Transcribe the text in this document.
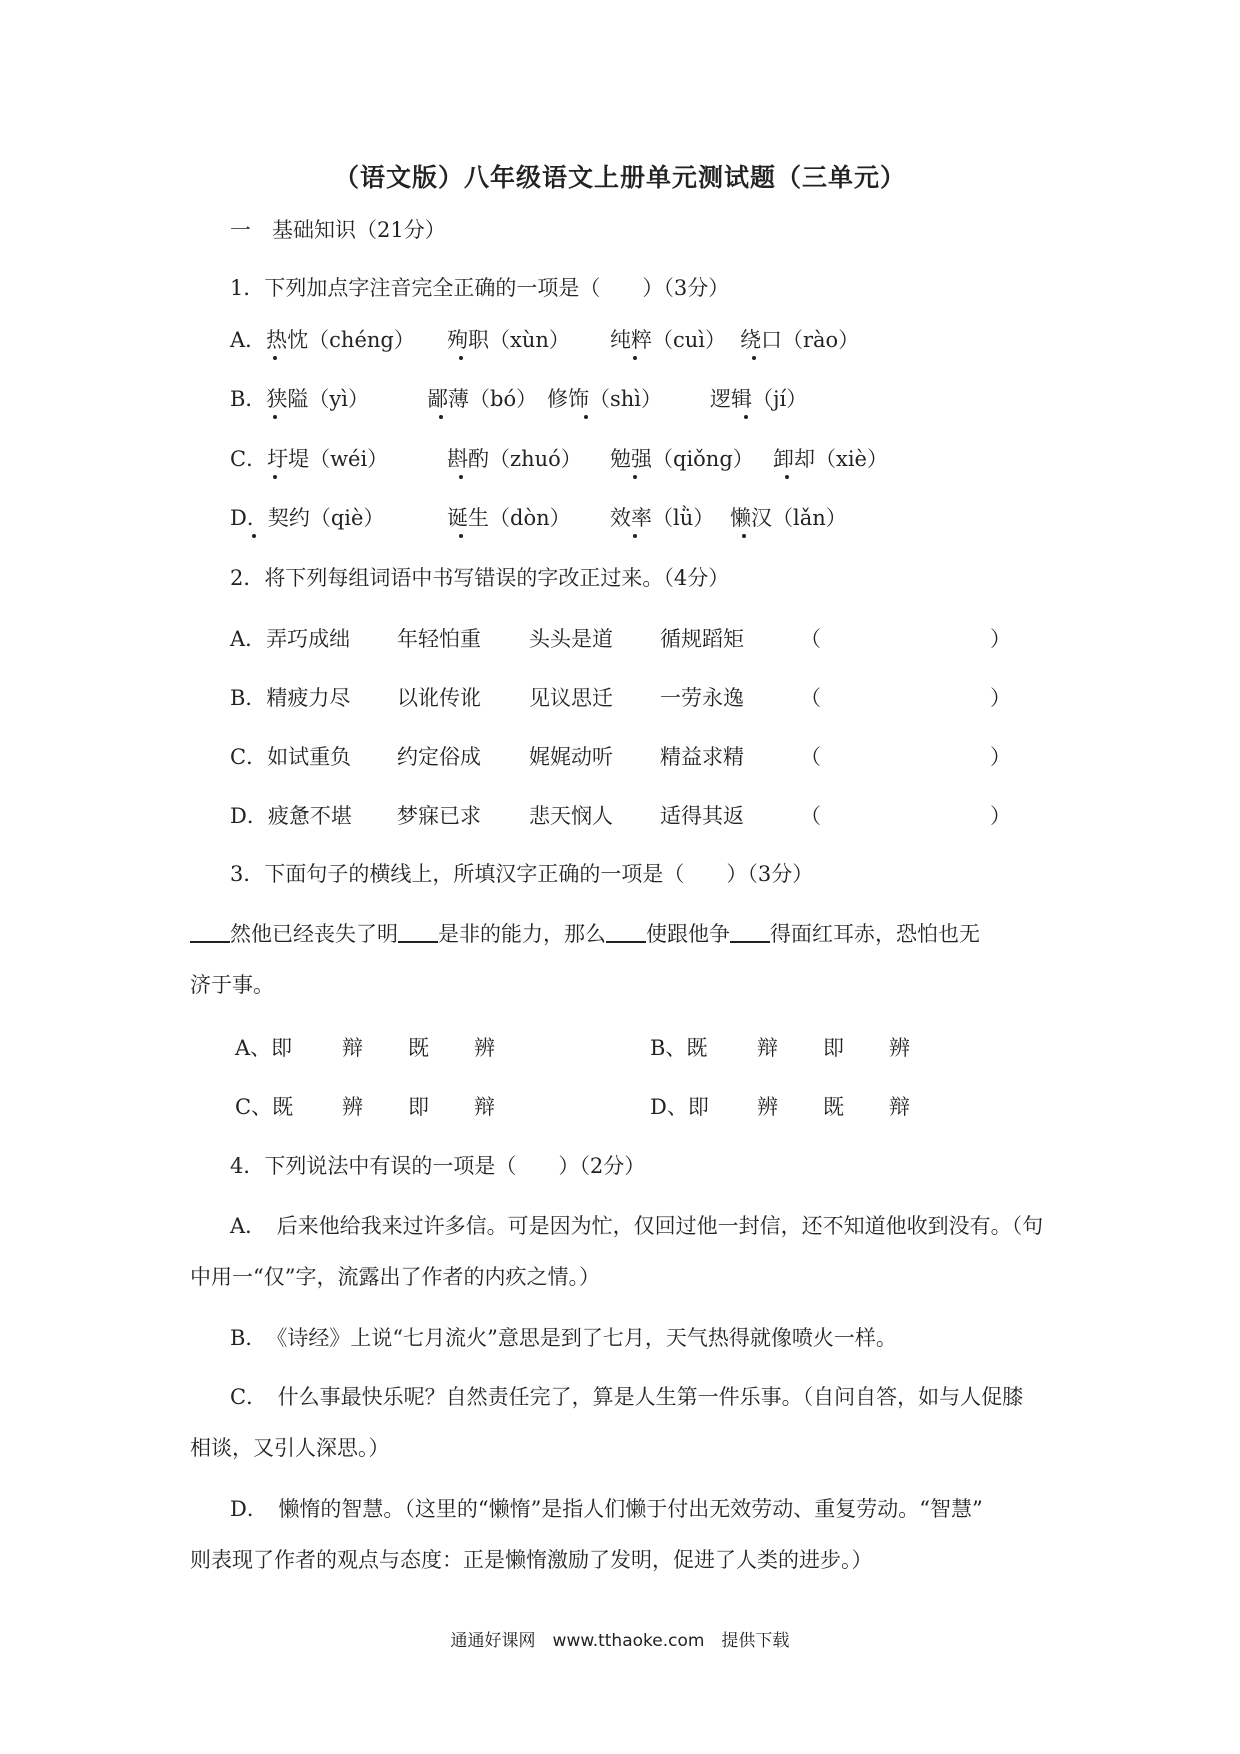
（语文版）八年级语文上册单元测试题（三单元）
一　基础知识（21分）
1．下列加点字注音完全正确的一项是（　　）（3分）
A．热忱（chéng） 殉职（xùn） 纯粹（cuì） 绕口（rào）
B．狭隘（yì）	鄙薄（bó） 修饰（shì） 逻辑（jí）
C．圩堤（wéi）	斟酌（zhuó） 勉强（qiǒng） 卸却（xiè）
D．契约（qiè）	诞生（dòn） 效率（lǜ） 懒汉（lǎn）
2．将下列每组词语中书写错误的字改正过来。（4分）
A．弄巧成绌 年轻怕重 头头是道 循规蹈矩	（	）
B．精疲力尽 以讹传讹 见议思迁 一劳永逸	（	）
C．如试重负 约定俗成 娓娓动听 精益求精	（	）
D．疲惫不堪 梦寐已求 悲天悯人 适得其返	（	）
3．下面句子的横线上，所填汉字正确的一项是（　　）（3分）
然他已经丧失了明 是非的能力，那么 使跟他争 得面红耳赤，恐怕也无
济于事。
A、即 辩 既 辨	B、既 辩 即 辨
C、既 辨 即 辩	D、即 辨 既 辩
4．下列说法中有误的一项是（　　）（2分）
A．　后来他给我来过许多信。可是因为忙，仅回过他一封信，还不知道他收到没有。（句
中用一“仅”字，流露出了作者的内疚之情。）
B．　《诗经》上说“七月流火”意思是到了七月，天气热得就像喷火一样。
C．　什么事最快乐呢？自然责任完了，算是人生第一件乐事。（自问自答，如与人促膝
相谈，又引人深思。）
D．　懒惰的智慧。（这里的“懒惰”是指人们懒于付出无效劳动、重复劳动。“智慧”
则表现了作者的观点与态度：正是懒惰激励了发明，促进了人类的进步。）
通通好课网　www.tthaoke.com　提供下载
